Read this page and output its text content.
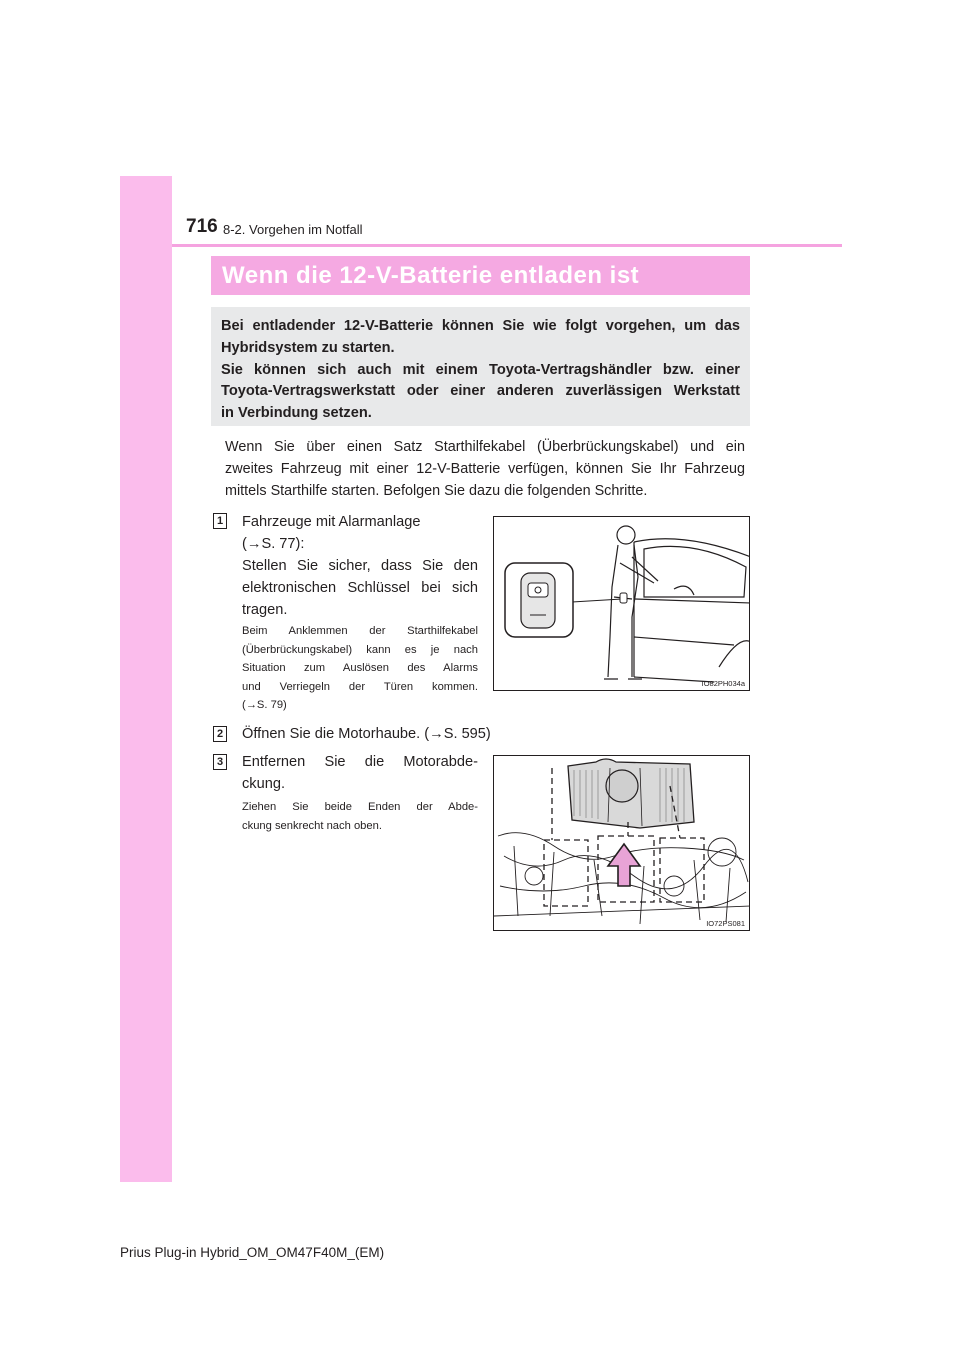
716 8-2. Vorgehen im Notfall
Wenn die 12-V-Batterie entladen ist
Bei entladender 12-V-Batterie können Sie wie folgt vorgehen, um das
Hybridsystem zu starten.
Sie können sich auch mit einem Toyota-Vertragshändler bzw. einer
Toyota-Vertragswerkstatt oder einer anderen zuverlässigen Werkstatt
in Verbindung setzen.
Wenn Sie über einen Satz Starthilfekabel (Überbrückungskabel) und ein
zweites Fahrzeug mit einer 12-V-Batterie verfügen, können Sie Ihr Fahrzeug
mittels Starthilfe starten. Befolgen Sie dazu die folgenden Schritte.
1 Fahrzeuge mit Alarmanlage
(→S. 77):
Stellen Sie sicher, dass Sie den
elektronischen Schlüssel bei sich
tragen.
Beim Anklemmen der Starthilfekabel
(Überbrückungskabel) kann es je nach
Situation zum Auslösen des Alarms
und Verriegeln der Türen kommen.
(→S. 79)
IO82PH034a
2 Öffnen Sie die Motorhaube. (→S. 595)
3 Entfernen Sie die Motorabde-
ckung.
Ziehen Sie beide Enden der Abde-
ckung senkrecht nach oben.
IO72PS081
Prius Plug-in Hybrid_OM_OM47F40M_(EM)
